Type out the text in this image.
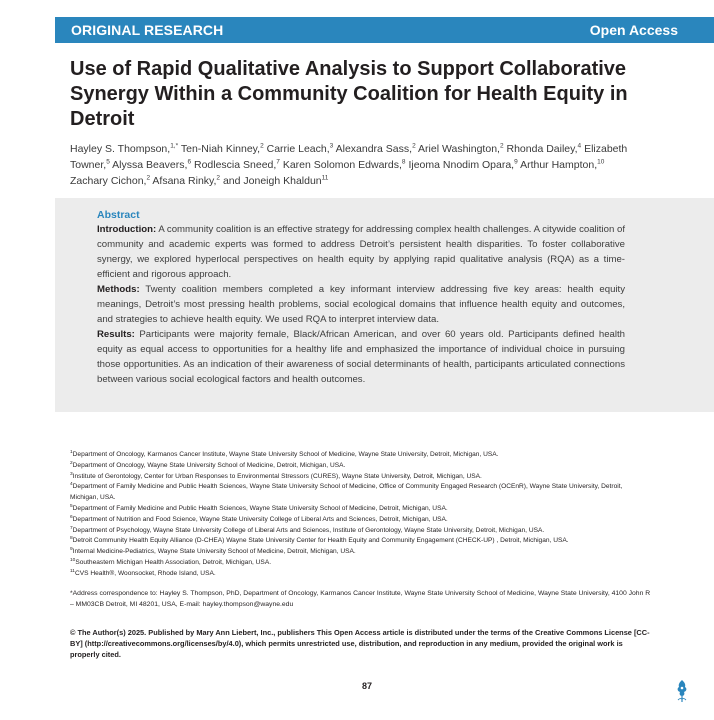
ORIGINAL RESEARCH	Open Access
Use of Rapid Qualitative Analysis to Support Collaborative Synergy Within a Community Coalition for Health Equity in Detroit
Hayley S. Thompson,$^{1,*}$ Ten-Niah Kinney,$^2$ Carrie Leach,$^3$ Alexandra Sass,$^2$ Ariel Washington,$^2$ Rhonda Dailey,$^4$ Elizabeth Towner,$^5$ Alyssa Beavers,$^6$ Rodlescia Sneed,$^7$ Karen Solomon Edwards,$^8$ Ijeoma Nnodim Opara,$^9$ Arthur Hampton,$^{10}$ Zachary Cichon,$^2$ Afsana Rinky,$^2$ and Joneigh Khaldun$^{11}$
Abstract

Introduction: A community coalition is an effective strategy for addressing complex health challenges. A citywide coalition of community and academic experts was formed to address Detroit’s persistent health disparities. To foster collaborative synergy, we explored hyperlocal perspectives on health equity by applying rapid qualitative analysis (RQA) as a time-efficient and rigorous approach.

Methods: Twenty coalition members completed a key informant interview addressing five key areas: health equity meanings, Detroit’s most pressing health problems, social ecological domains that influence health equity and outcomes, and strategies to achieve health equity. We used RQA to interpret interview data.

Results: Participants were majority female, Black/African American, and over 60 years old. Participants defined health equity as equal access to opportunities for a healthy life and emphasized the importance of individual choice in pursuing those opportunities. As an indication of their awareness of social determinants of health, participants articulated connections between various social ecological factors and health outcomes.

$^1$Department of Oncology, Karmanos Cancer Institute, Wayne State University School of Medicine, Wayne State University, Detroit, Michigan, USA.
$^2$Department of Oncology, Wayne State University School of Medicine, Detroit, Michigan, USA.
$^3$Institute of Gerontology, Center for Urban Responses to Environmental Stressors (CURES), Wayne State University, Detroit, Michigan, USA.
$^4$Department of Family Medicine and Public Health Sciences, Wayne State University School of Medicine, Office of Community Engaged Research (OCEnR), Wayne State University, Detroit, Michigan, USA.
$^5$Department of Family Medicine and Public Health Sciences, Wayne State University School of Medicine, Detroit, Michigan, USA.
$^6$Department of Nutrition and Food Science, Wayne State University College of Liberal Arts and Sciences, Detroit, Michigan, USA.
$^7$Department of Psychology, Wayne State University College of Liberal Arts and Sciences, Institute of Gerontology, Wayne State University, Detroit, Michigan, USA.
$^8$Detroit Community Health Equity Alliance (D-CHEA) Wayne State University Center for Health Equity and Community Engagement (CHECK-UP) , Detroit, Michigan, USA.
$^9$Internal Medicine-Pediatrics, Wayne State University School of Medicine, Detroit, Michigan, USA.
$^{10}$Southeastern Michigan Health Association, Detroit, Michigan, USA.
$^{11}$CVS Health®, Woonsocket, Rhode Island, USA.
*Address correspondence to: Hayley S. Thompson, PhD, Department of Oncology, Karmanos Cancer Institute, Wayne State University School of Medicine, Wayne State University, 4100 John R – MM03CB Detroit, MI 48201, USA, E-mail: hayley.thompson@wayne.edu
© The Author(s) 2025. Published by Mary Ann Liebert, Inc., publishers This Open Access article is distributed under the terms of the Creative Commons License [CC-BY] (http://creativecommons.org/licenses/by/4.0), which permits unrestricted use, distribution, and reproduction in any medium, provided the original work is properly cited.
87
